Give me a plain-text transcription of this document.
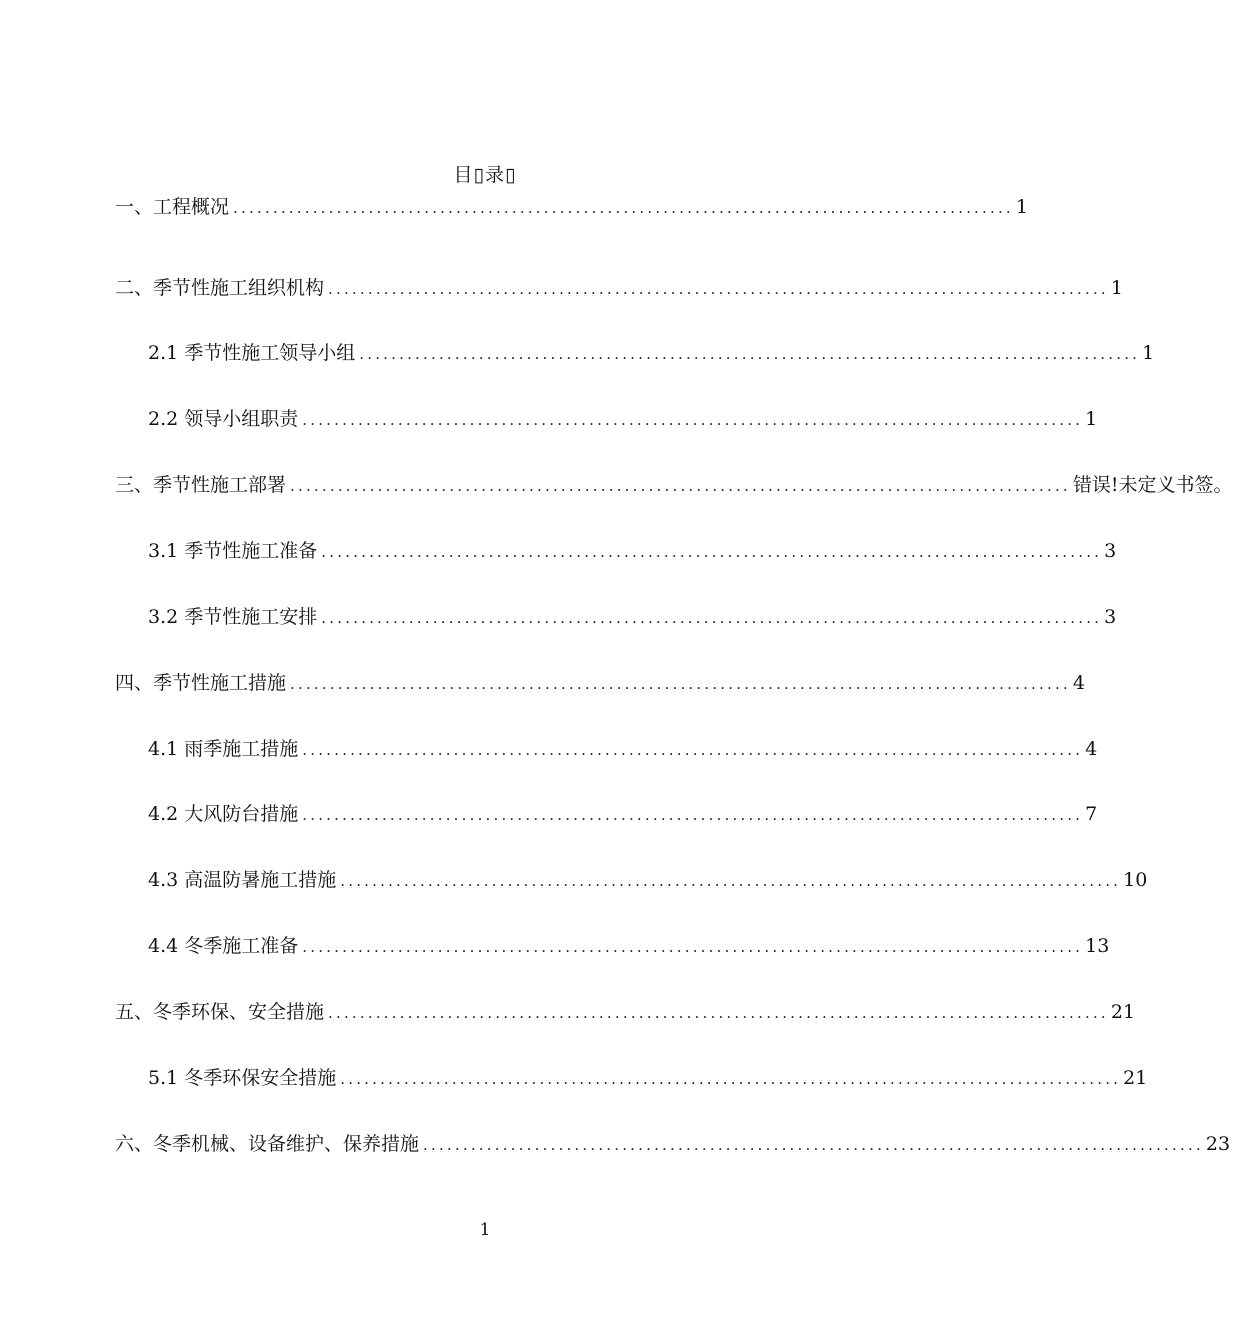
目▯录▯
一、工程概况 .................................................................................................. 1
二、季节性施工组织机构 .................................................................................................. 1
2.1 季节性施工领导小组 .................................................................................................. 1
2.2 领导小组职责 .................................................................................................. 1
三、季节性施工部署 .................................................................................................. 错误!未定义书签。
3.1 季节性施工准备 .................................................................................................. 3
3.2 季节性施工安排 .................................................................................................. 3
四、季节性施工措施 .................................................................................................. 4
4.1 雨季施工措施 .................................................................................................. 4
4.2 大风防台措施 .................................................................................................. 7
4.3 高温防暑施工措施 .................................................................................................. 10
4.4 冬季施工准备 .................................................................................................. 13
五、冬季环保、安全措施 .................................................................................................. 21
5.1 冬季环保安全措施 .................................................................................................. 21
六、冬季机械、设备维护、保养措施 .................................................................................................. 23
1
